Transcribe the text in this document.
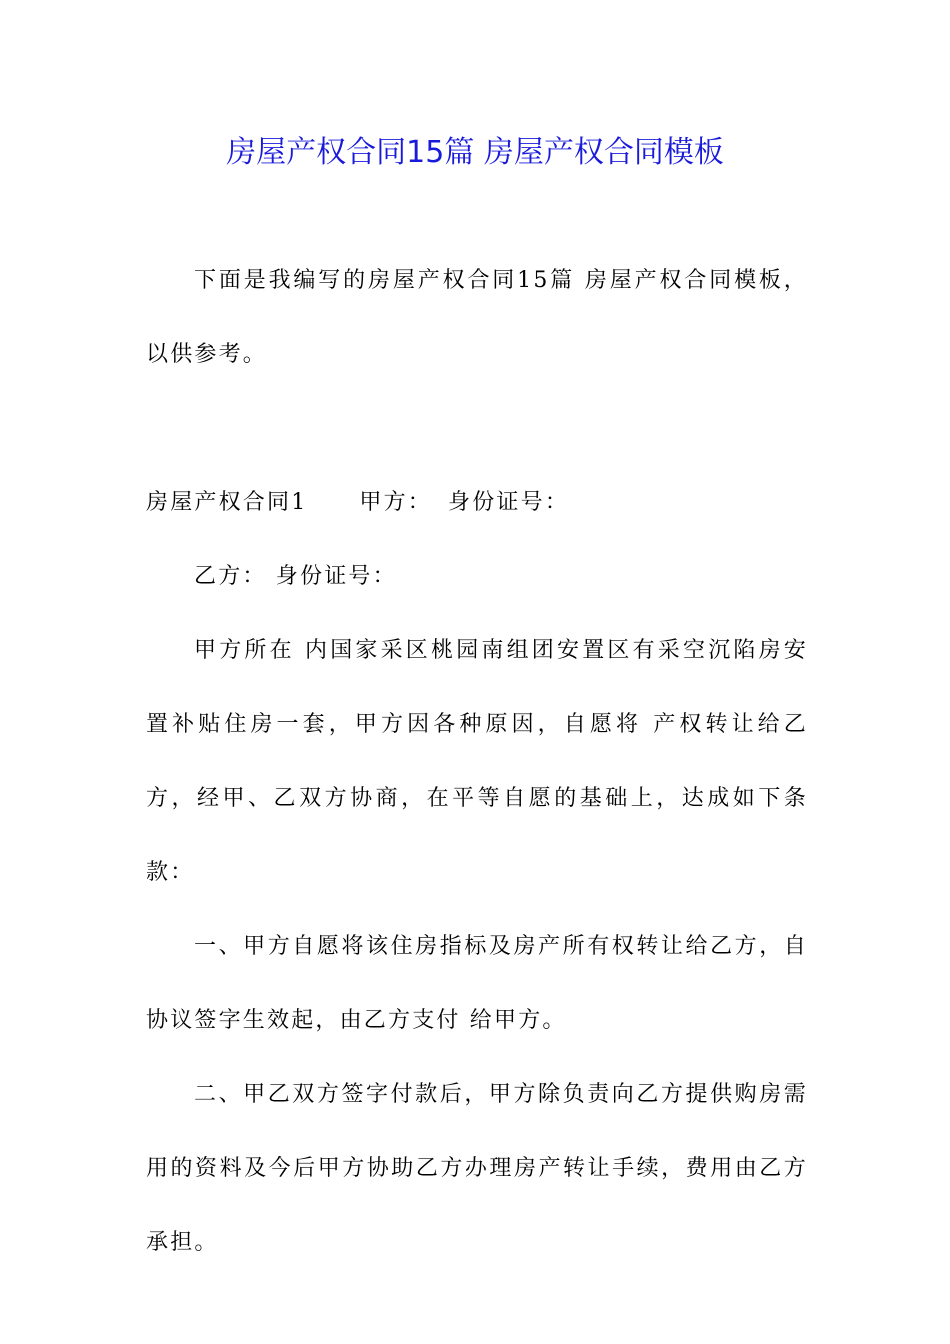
房屋产权合同15篇 房屋产权合同模板

下面是我编写的房屋产权合同15篇 房屋产权合同模板，以供参考。

房屋产权合同1 甲方： 身份证号：

乙方： 身份证号：

甲方所在 内国家采区桃园南组团安置区有采空沉陷房安置补贴住房一套，甲方因各种原因，自愿将 产权转让给乙方，经甲、乙双方协商，在平等自愿的基础上，达成如下条款：

一、甲方自愿将该住房指标及房产所有权转让给乙方，自协议签字生效起，由乙方支付 给甲方。

二、甲乙双方签字付款后，甲方除负责向乙方提供购房需用的资料及今后甲方协助乙方办理房产转让手续，费用由乙方承担。
